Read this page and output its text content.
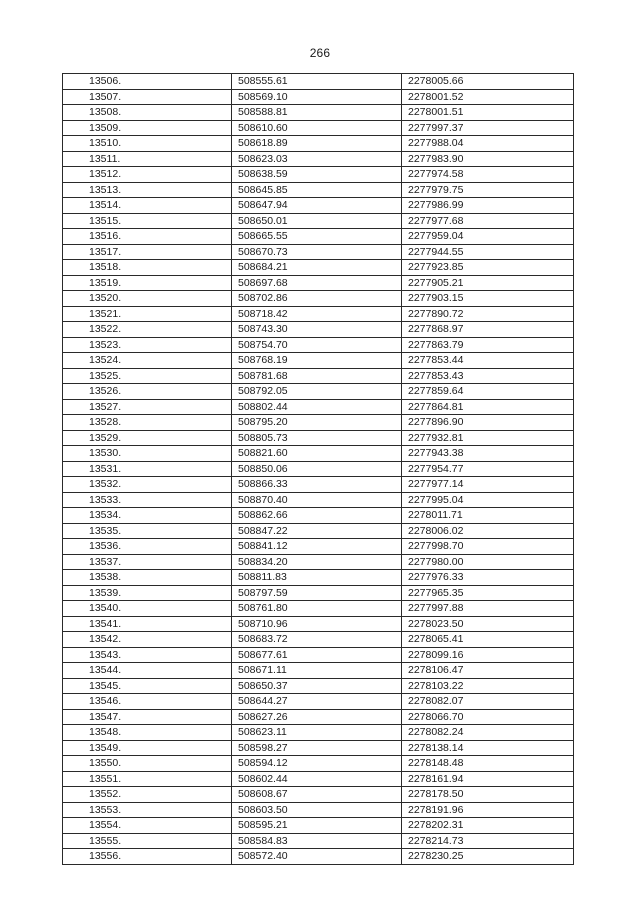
266
13506.	508555.61	2278005.66
13507.	508569.10	2278001.52
13508.	508588.81	2278001.51
13509.	508610.60	2277997.37
13510.	508618.89	2277988.04
13511.	508623.03	2277983.90
13512.	508638.59	2277974.58
13513.	508645.85	2277979.75
13514.	508647.94	2277986.99
13515.	508650.01	2277977.68
13516.	508665.55	2277959.04
13517.	508670.73	2277944.55
13518.	508684.21	2277923.85
13519.	508697.68	2277905.21
13520.	508702.86	2277903.15
13521.	508718.42	2277890.72
13522.	508743.30	2277868.97
13523.	508754.70	2277863.79
13524.	508768.19	2277853.44
13525.	508781.68	2277853.43
13526.	508792.05	2277859.64
13527.	508802.44	2277864.81
13528.	508795.20	2277896.90
13529.	508805.73	2277932.81
13530.	508821.60	2277943.38
13531.	508850.06	2277954.77
13532.	508866.33	2277977.14
13533.	508870.40	2277995.04
13534.	508862.66	2278011.71
13535.	508847.22	2278006.02
13536.	508841.12	2277998.70
13537.	508834.20	2277980.00
13538.	508811.83	2277976.33
13539.	508797.59	2277965.35
13540.	508761.80	2277997.88
13541.	508710.96	2278023.50
13542.	508683.72	2278065.41
13543.	508677.61	2278099.16
13544.	508671.11	2278106.47
13545.	508650.37	2278103.22
13546.	508644.27	2278082.07
13547.	508627.26	2278066.70
13548.	508623.11	2278082.24
13549.	508598.27	2278138.14
13550.	508594.12	2278148.48
13551.	508602.44	2278161.94
13552.	508608.67	2278178.50
13553.	508603.50	2278191.96
13554.	508595.21	2278202.31
13555.	508584.83	2278214.73
13556.	508572.40	2278230.25
